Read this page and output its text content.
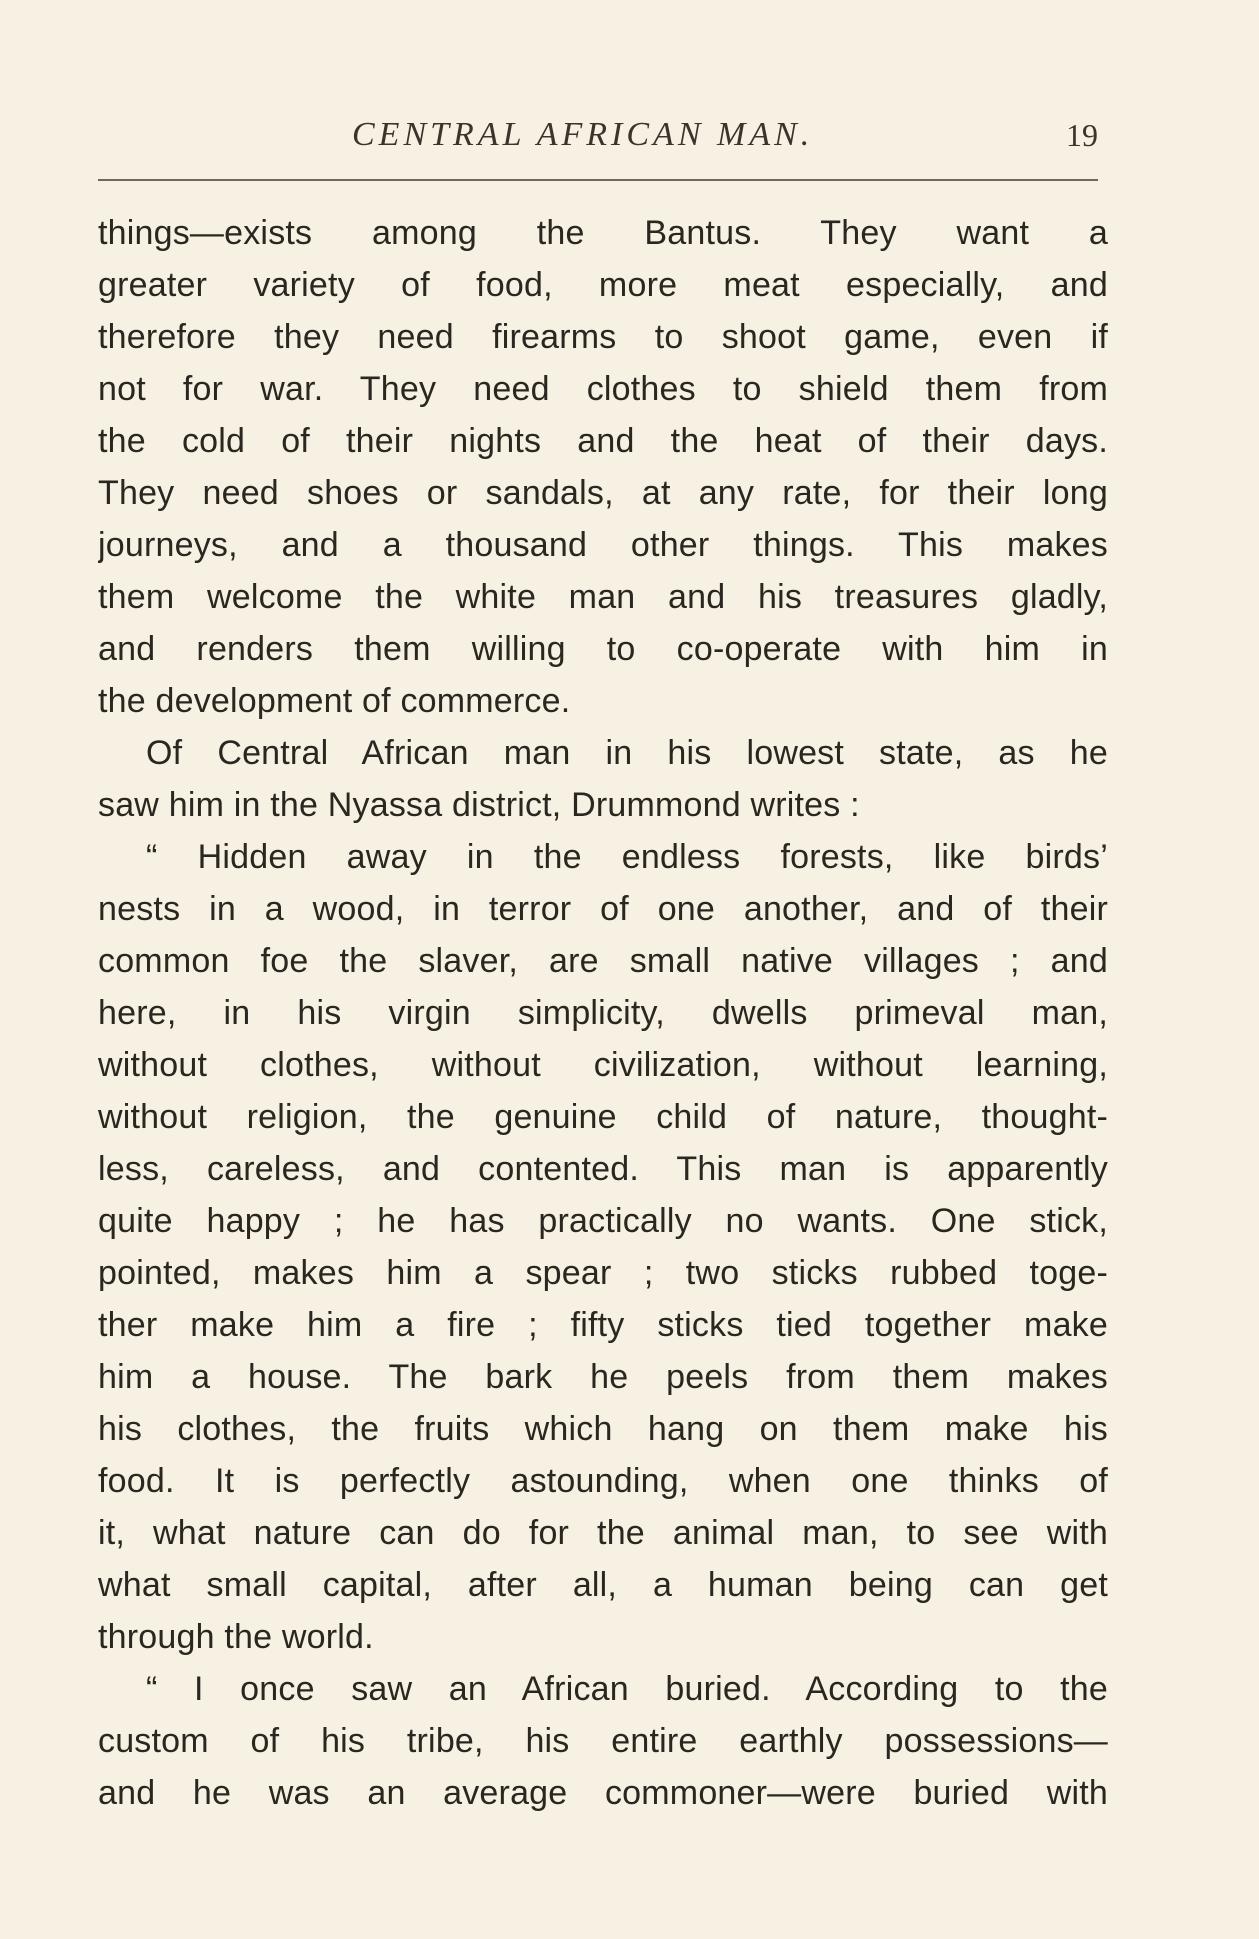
CENTRAL AFRICAN MAN.	19
things—exists among the Bantus. They want a
greater variety of food, more meat especially, and
therefore they need firearms to shoot game, even if
not for war. They need clothes to shield them from
the cold of their nights and the heat of their days.
They need shoes or sandals, at any rate, for their long
journeys, and a thousand other things. This makes
them welcome the white man and his treasures gladly,
and renders them willing to co-operate with him in
the development of commerce.
Of Central African man in his lowest state, as he
saw him in the Nyassa district, Drummond writes :
“ Hidden away in the endless forests, like birds’
nests in a wood, in terror of one another, and of their
common foe the slaver, are small native villages ; and
here, in his virgin simplicity, dwells primeval man,
without clothes, without civilization, without learning,
without religion, the genuine child of nature, thought-
less, careless, and contented. This man is apparently
quite happy ; he has practically no wants. One stick,
pointed, makes him a spear ; two sticks rubbed toge-
ther make him a fire ; fifty sticks tied together make
him a house. The bark he peels from them makes
his clothes, the fruits which hang on them make his
food. It is perfectly astounding, when one thinks of
it, what nature can do for the animal man, to see with
what small capital, after all, a human being can get
through the world.
“ I once saw an African buried. According to the
custom of his tribe, his entire earthly possessions—
and he was an average commoner—were buried with
